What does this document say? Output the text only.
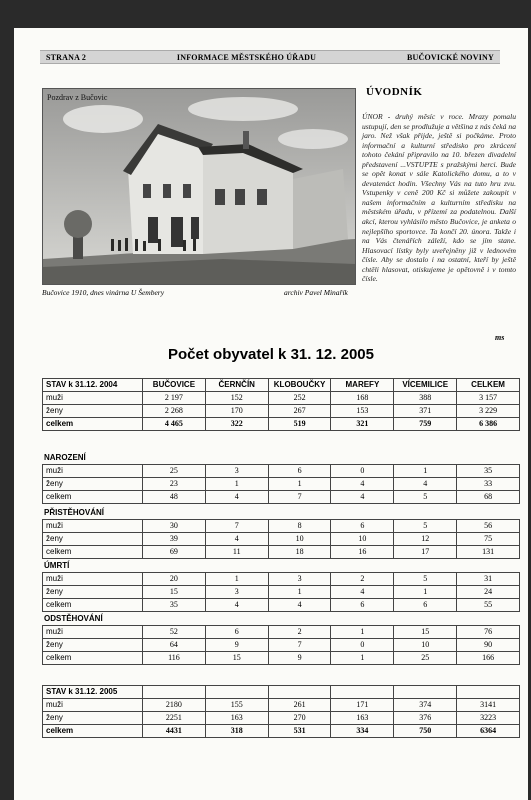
STRANA 2	INFORMACE MĚSTSKÉHO ÚŘADU	BUČOVICKÉ NOVINY
Pozdrav z Bučovic
Bučovice 1910, dnes vinárna U Šembery	archiv Pavel Minařík
ÚVODNÍK
ÚNOR - druhý měsíc v roce. Mrazy pomalu ustupují, den se prodlužuje a většina z nás čeká na jaro. Než však přijde, ještě si počkáme. Proto informační a kulturní středisko pro zkrácení tohoto čekání připravilo na 10. březen divadelní představení ...VSTUPTE s pražskými herci. Bude se opět konat v sále Katolického domu, a to v devatenáct hodin. Všechny Vás na tuto hru zvu. Vstupenky v ceně 200 Kč si můžete zakoupit v našem informačním a kulturním středisku na městském úřadu, v přízemí za podatelnou. Další akcí, kterou vyhlásilo město Bučovice, je anketa o nejlepšího sportovce. Ta končí 20. února. Takže i na Vás čtenářích záleží, kdo se jím stane. Hlasovací lístky byly uveřejněny již v lednovém čísle. Aby se dostalo i na ostatní, kteří by ještě chtěli hlasovat, otiskujeme je opětovně i v tomto čísle.
ms
Počet obyvatel k 31. 12. 2005
STAV k 31.12. 2004	BUČOVICE	ČERNČÍN	KLOBOUČKY	MAREFY	VÍCEMILICE	CELKEM
muži	2 197	152	252	168	388	3 157
ženy	2 268	170	267	153	371	3 229
celkem	4 465	322	519	321	759	6 386
NAROZENÍ
muži	25	3	6	0	1	35
ženy	23	1	1	4	4	33
celkem	48	4	7	4	5	68
PŘISTĚHOVÁNÍ
muži	30	7	8	6	5	56
ženy	39	4	10	10	12	75
celkem	69	11	18	16	17	131
ÚMRTÍ
muži	20	1	3	2	5	31
ženy	15	3	1	4	1	24
celkem	35	4	4	6	6	55
ODSTĚHOVÁNÍ
muži	52	6	2	1	15	76
ženy	64	9	7	0	10	90
celkem	116	15	9	1	25	166
STAV k 31.12. 2005						
muži	2180	155	261	171	374	3141
ženy	2251	163	270	163	376	3223
celkem	4431	318	531	334	750	6364
